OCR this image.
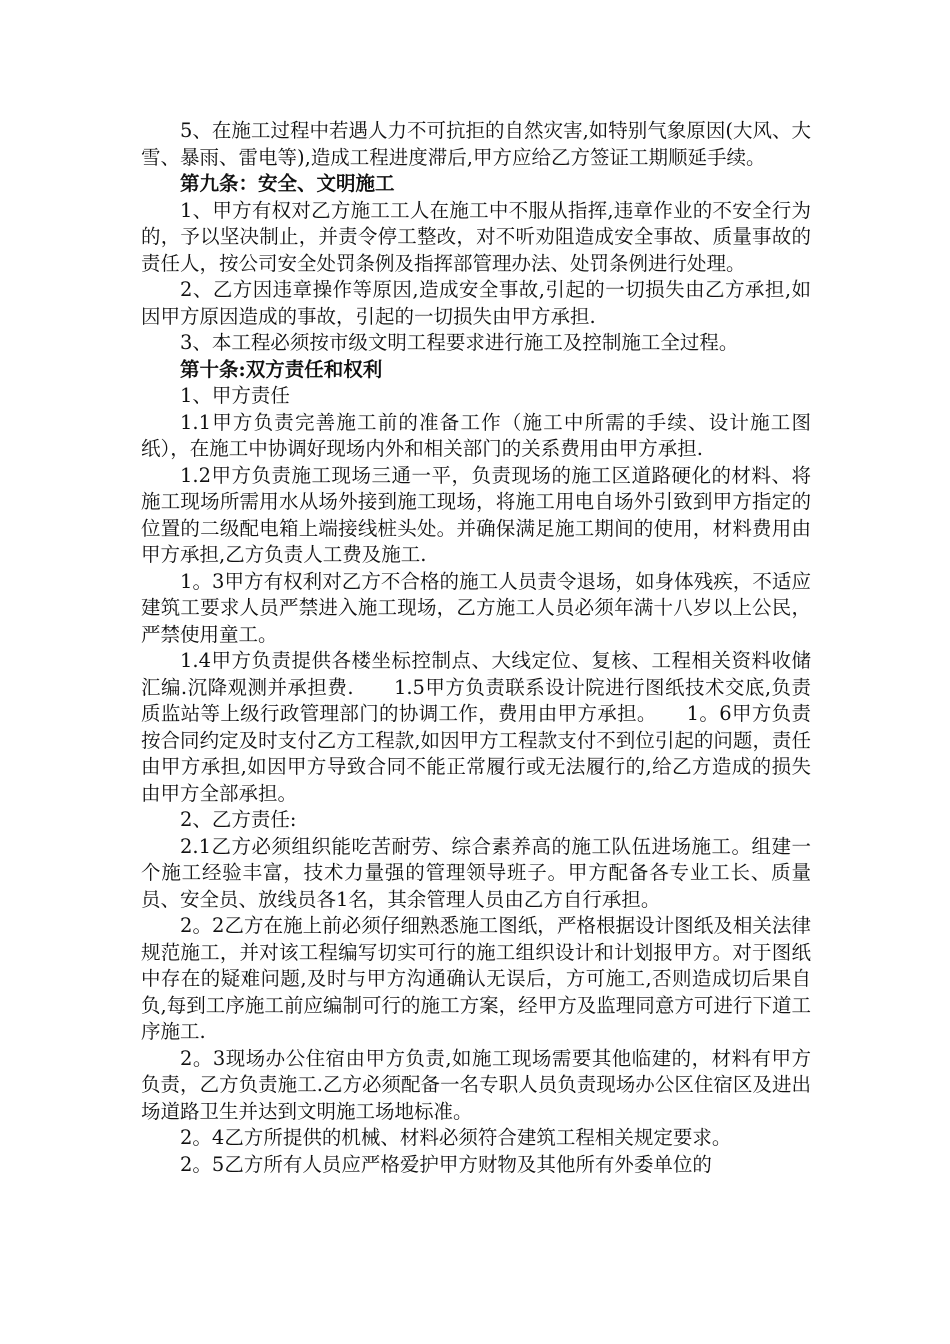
5、在施工过程中若遇人力不可抗拒的自然灾害,如特别气象原因(大风、大雪、暴雨、雷电等),造成工程进度滞后,甲方应给乙方签证工期顺延手续。

第九条：安全、文明施工

1、甲方有权对乙方施工工人在施工中不服从指挥,违章作业的不安全行为的，予以坚决制止，并责令停工整改，对不听劝阻造成安全事故、质量事故的责任人，按公司安全处罚条例及指挥部管理办法、处罚条例进行处理。

2、乙方因违章操作等原因,造成安全事故,引起的一切损失由乙方承担,如因甲方原因造成的事故，引起的一切损失由甲方承担.

3、本工程必须按市级文明工程要求进行施工及控制施工全过程。

第十条:双方责任和权利

1、甲方责任

1.1甲方负责完善施工前的准备工作（施工中所需的手续、设计施工图纸），在施工中协调好现场内外和相关部门的关系费用由甲方承担.

1.2甲方负责施工现场三通一平，负责现场的施工区道路硬化的材料、将施工现场所需用水从场外接到施工现场，将施工用电自场外引致到甲方指定的位置的二级配电箱上端接线桩头处。并确保满足施工期间的使用，材料费用由甲方承担,乙方负责人工费及施工.

1。3甲方有权利对乙方不合格的施工人员责令退场，如身体残疾，不适应建筑工要求人员严禁进入施工现场，乙方施工人员必须年满十八岁以上公民，严禁使用童工。

1.4甲方负责提供各楼坐标控制点、大线定位、复核、工程相关资料收储汇编.沉降观测并承担费.　　1.5甲方负责联系设计院进行图纸技术交底,负责质监站等上级行政管理部门的协调工作，费用由甲方承担。　　1。6甲方负责按合同约定及时支付乙方工程款,如因甲方工程款支付不到位引起的问题，责任由甲方承担,如因甲方导致合同不能正常履行或无法履行的,给乙方造成的损失由甲方全部承担。

2、乙方责任:

2.1乙方必须组织能吃苦耐劳、综合素养高的施工队伍进场施工。组建一个施工经验丰富，技术力量强的管理领导班子。甲方配备各专业工长、质量员、安全员、放线员各1名，其余管理人员由乙方自行承担。

2。2乙方在施上前必须仔细熟悉施工图纸，严格根据设计图纸及相关法律规范施工，并对该工程编写切实可行的施工组织设计和计划报甲方。对于图纸中存在的疑难问题,及时与甲方沟通确认无误后，方可施工,否则造成切后果自负,每到工序施工前应编制可行的施工方案，经甲方及监理同意方可进行下道工序施工.

2。3现场办公住宿由甲方负责,如施工现场需要其他临建的，材料有甲方负责，乙方负责施工.乙方必须配备一名专职人员负责现场办公区住宿区及进出场道路卫生并达到文明施工场地标准。

2。4乙方所提供的机械、材料必须符合建筑工程相关规定要求。

2。5乙方所有人员应严格爱护甲方财物及其他所有外委单位的
